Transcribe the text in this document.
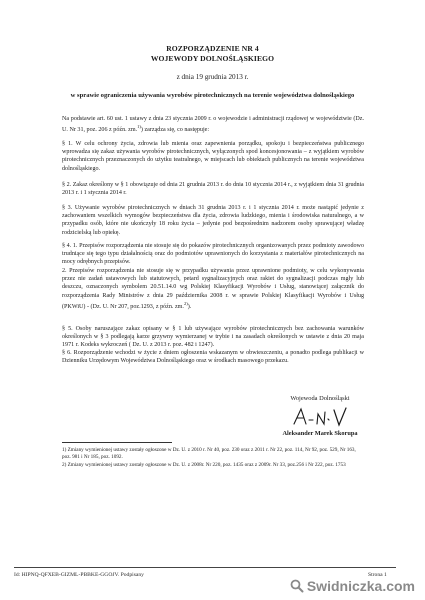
ROZPORZĄDZENIE NR 4
WOJEWODY DOLNOŚLĄSKIEGO
z dnia 19 grudnia 2013 r.
w sprawie ograniczenia używania wyrobów pirotechnicznych na terenie województwa dolnośląskiego

Na podstawie art. 60 ust. 1 ustawy z dnia 23 stycznia 2009 r. o wojewodzie i administracji rządowej w województwie (Dz. U. Nr 31, poz. 206 z późn. zm.$^{1)}$) zarządza się, co następuje:

§ 1. W celu ochrony życia, zdrowia lub mienia oraz zapewnienia porządku, spokoju i bezpieczeństwa publicznego wprowadza się zakaz używania wyrobów pirotechnicznych, wyłączonych spod koncesjonowania – z wyjątkiem wyrobów pirotechnicznych przeznaczonych do użytku teatralnego, w miejscach lub obiektach publicznych na terenie województwa dolnośląskiego.

§ 2. Zakaz określony w § 1 obowiązuje od dnia 21 grudnia 2013 r. do dnia 10 stycznia 2014 r., z wyjątkiem dnia 31 grudnia 2013 r. i 1 stycznia 2014 r.

§ 3. Używanie wyrobów pirotechnicznych w dniach 31 grudnia 2013 r. i 1 stycznia 2014 r. może nastąpić jedynie z zachowaniem wszelkich wymogów bezpieczeństwa dla życia, zdrowia ludzkiego, mienia i środowiska naturalnego, a w przypadku osób, które nie ukończyły 18 roku życia – jedynie pod bezpośrednim nadzorem osoby sprawującej władzę rodzicielską lub opiekę.

§ 4. 1. Przepisów rozporządzenia nie stosuje się do pokazów pirotechnicznych organizowanych przez podmioty zawodowo trudniące się tego typu działalnością oraz do podmiotów uprawnionych do korzystania z materiałów pirotechnicznych na mocy odrębnych przepisów.

2. Przepisów rozporządzenia nie stosuje się w przypadku używania przez uprawnione podmioty, w celu wykonywania przez nie zadań ustawowych lub statutowych, petard sygnalizacyjnych oraz rakiet do sygnalizacji podczas mgły lub deszczu, oznaczonych symbolem 20.51.14.0 wg Polskiej Klasyfikacji Wyrobów i Usług, stanowiącej załącznik do rozporządzenia Rady Ministrów z dnia 29 października 2008 r. w sprawie Polskiej Klasyfikacji Wyrobów i Usług (PKWiU) - (Dz. U. Nr 207, poz.1293, z późn. zm.$^{2)}$).

§ 5. Osoby naruszające zakaz opisany w § 1 lub używające wyrobów pirotechnicznych bez zachowania warunków określonych w § 3 podlegają karze grzywny wymierzanej w trybie i na zasadach określonych w ustawie z dnia 20 maja 1971 r. Kodeks wykroczeń ( Dz. U. z 2013 r. poz. 482 i 1247).

§ 6. Rozporządzenie wchodzi w życie z dniem ogłoszenia wskazanym w obwieszczeniu, a ponadto podlega publikacji w Dzienniku Urzędowym Województwa Dolnośląskiego oraz w środkach masowego przekazu.

Wojewoda Dolnośląski
Aleksander Marek Skorupa

1) Zmiany wymienionej ustawy zostały ogłoszone w Dz. U. z 2010 r. Nr 40, poz. 230 oraz z 2011 r. Nr 22, poz. 114, Nr 92, poz. 529, Nr 163, poz. 981 i Nr 185, poz. 1092.

2) Zmiany wymienionej ustawy zostały ogłoszone w Dz. U. z 2008r. Nr 220, poz. 1435 oraz z 2009r. Nr 33, poz.256 i Nr 222, poz. 1753

Id: HIPNQ-QFXEB-GIZML-PBBKE-GGOJV. Podpisany	Strona 1
Swidniczka.com
